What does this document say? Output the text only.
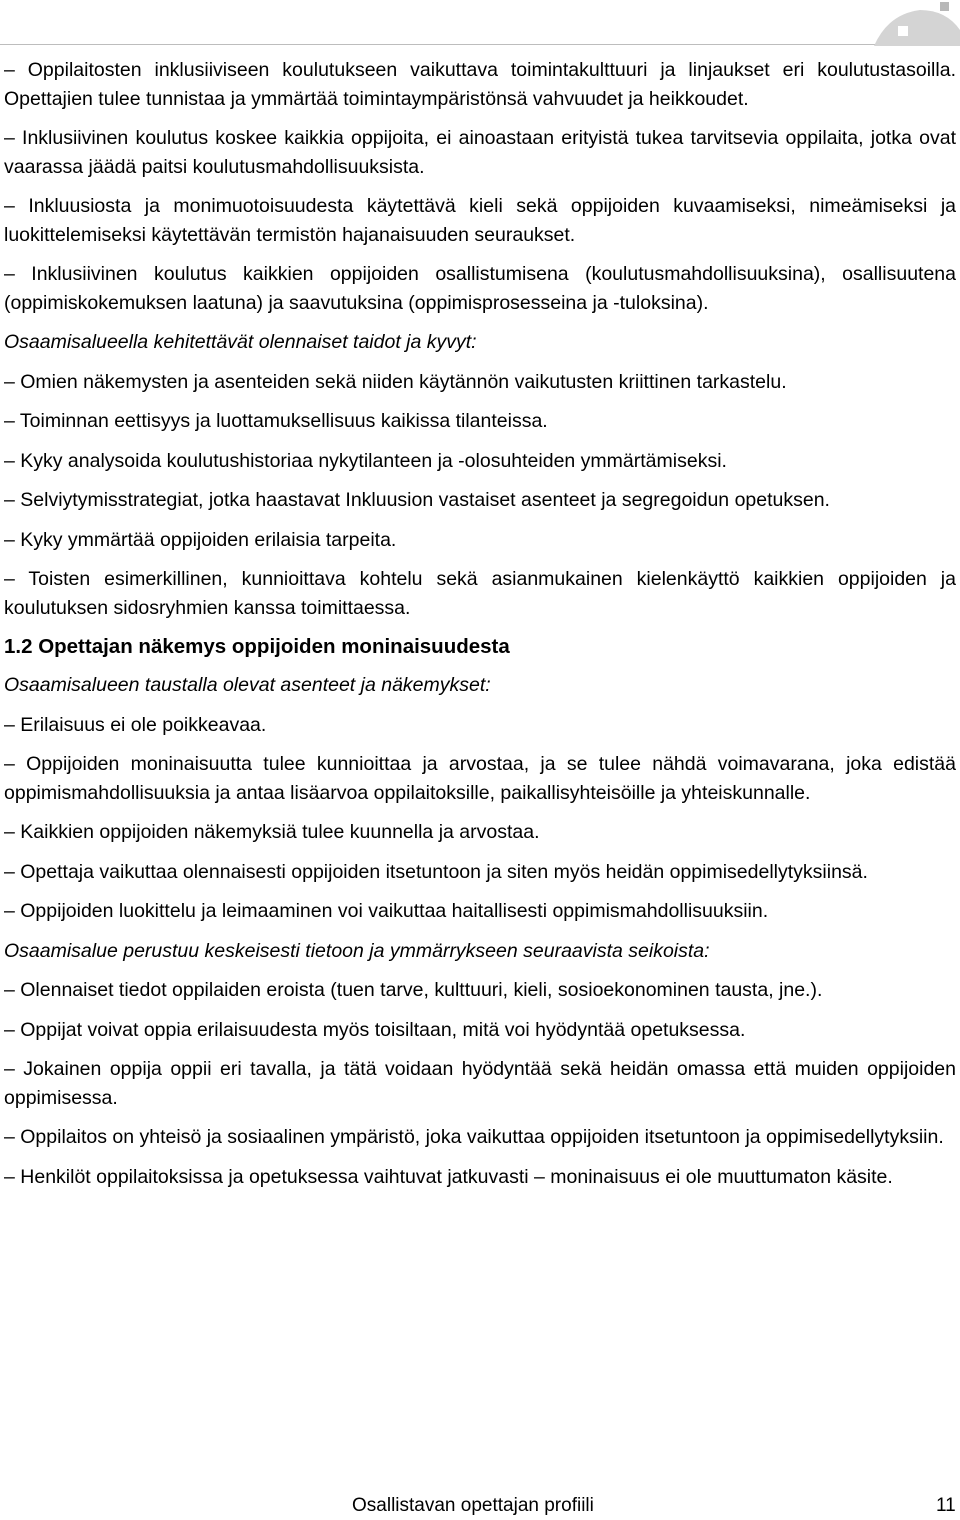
– Oppilaitosten inklusiiviseen koulutukseen vaikuttava toimintakulttuuri ja linjaukset eri koulutustasoilla. Opettajien tulee tunnistaa ja ymmärtää toimintaympäristönsä vahvuudet ja heikkoudet.

– Inklusiivinen koulutus koskee kaikkia oppijoita, ei ainoastaan erityistä tukea tarvitsevia oppilaita, jotka ovat vaarassa jäädä paitsi koulutusmahdollisuuksista.

– Inkluusiosta ja monimuotoisuudesta käytettävä kieli sekä oppijoiden kuvaamiseksi, nimeämiseksi ja luokittelemiseksi käytettävän termistön hajanaisuuden seuraukset.

– Inklusiivinen koulutus kaikkien oppijoiden osallistumisena (koulutusmahdollisuuksina), osallisuutena (oppimiskokemuksen laatuna) ja saavutuksina (oppimisprosesseina ja -tuloksina).

Osaamisalueella kehitettävät olennaiset taidot ja kyvyt:

– Omien näkemysten ja asenteiden sekä niiden käytännön vaikutusten kriittinen tarkastelu.

– Toiminnan eettisyys ja luottamuksellisuus kaikissa tilanteissa.

– Kyky analysoida koulutushistoriaa nykytilanteen ja -olosuhteiden ymmärtämiseksi.

– Selviytymisstrategiat, jotka haastavat Inkluusion vastaiset asenteet ja segregoidun opetuksen.

– Kyky ymmärtää oppijoiden erilaisia tarpeita.

– Toisten esimerkillinen, kunnioittava kohtelu sekä asianmukainen kielenkäyttö kaikkien oppijoiden ja koulutuksen sidosryhmien kanssa toimittaessa.

1.2 Opettajan näkemys oppijoiden moninaisuudesta

Osaamisalueen taustalla olevat asenteet ja näkemykset:

– Erilaisuus ei ole poikkeavaa.

– Oppijoiden moninaisuutta tulee kunnioittaa ja arvostaa, ja se tulee nähdä voimavarana, joka edistää oppimismahdollisuuksia ja antaa lisäarvoa oppilaitoksille, paikallisyhteisöille ja yhteiskunnalle.

– Kaikkien oppijoiden näkemyksiä tulee kuunnella ja arvostaa.

– Opettaja vaikuttaa olennaisesti oppijoiden itsetuntoon ja siten myös heidän oppimisedellytyksiinsä.

– Oppijoiden luokittelu ja leimaaminen voi vaikuttaa haitallisesti oppimismahdollisuuksiin.

Osaamisalue perustuu keskeisesti tietoon ja ymmärrykseen seuraavista seikoista:

– Olennaiset tiedot oppilaiden eroista (tuen tarve, kulttuuri, kieli, sosioekonominen tausta, jne.).

– Oppijat voivat oppia erilaisuudesta myös toisiltaan, mitä voi hyödyntää opetuksessa.

– Jokainen oppija oppii eri tavalla, ja tätä voidaan hyödyntää sekä heidän omassa että muiden oppijoiden oppimisessa.

– Oppilaitos on yhteisö ja sosiaalinen ympäristö, joka vaikuttaa oppijoiden itsetuntoon ja oppimisedellytyksiin.

– Henkilöt oppilaitoksissa ja opetuksessa vaihtuvat jatkuvasti – moninaisuus ei ole muuttumaton käsite.

Osallistavan opettajan profiili	11
